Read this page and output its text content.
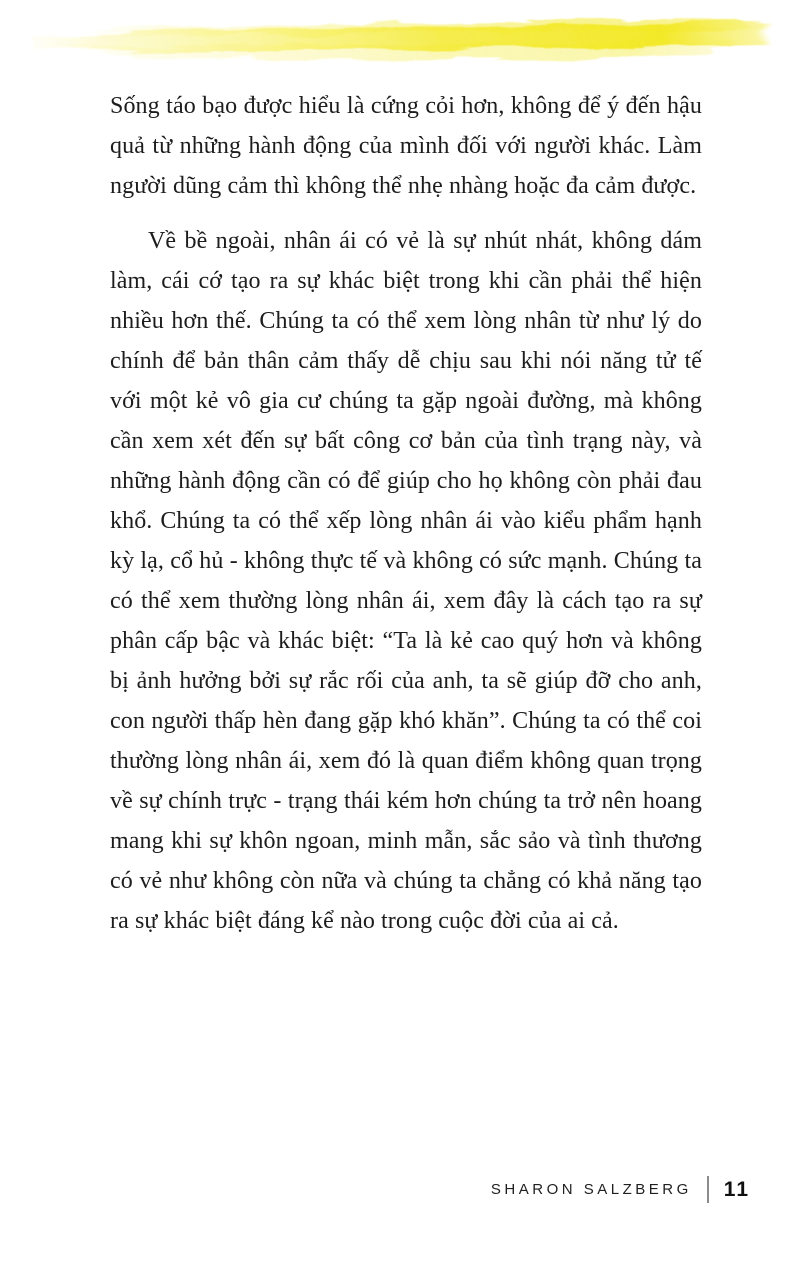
Sống táo bạo được hiểu là cứng cỏi hơn, không để ý đến hậu quả từ những hành động của mình đối với người khác. Làm người dũng cảm thì không thể nhẹ nhàng hoặc đa cảm được.

Về bề ngoài, nhân ái có vẻ là sự nhút nhát, không dám làm, cái cớ tạo ra sự khác biệt trong khi cần phải thể hiện nhiều hơn thế. Chúng ta có thể xem lòng nhân từ như lý do chính để bản thân cảm thấy dễ chịu sau khi nói năng tử tế với một kẻ vô gia cư chúng ta gặp ngoài đường, mà không cần xem xét đến sự bất công cơ bản của tình trạng này, và những hành động cần có để giúp cho họ không còn phải đau khổ. Chúng ta có thể xếp lòng nhân ái vào kiểu phẩm hạnh kỳ lạ, cổ hủ - không thực tế và không có sức mạnh. Chúng ta có thể xem thường lòng nhân ái, xem đây là cách tạo ra sự phân cấp bậc và khác biệt: “Ta là kẻ cao quý hơn và không bị ảnh hưởng bởi sự rắc rối của anh, ta sẽ giúp đỡ cho anh, con người thấp hèn đang gặp khó khăn”. Chúng ta có thể coi thường lòng nhân ái, xem đó là quan điểm không quan trọng về sự chính trực - trạng thái kém hơn chúng ta trở nên hoang mang khi sự khôn ngoan, minh mẫn, sắc sảo và tình thương có vẻ như không còn nữa và chúng ta chẳng có khả năng tạo ra sự khác biệt đáng kể nào trong cuộc đời của ai cả.

SHARON SALZBERG 11
